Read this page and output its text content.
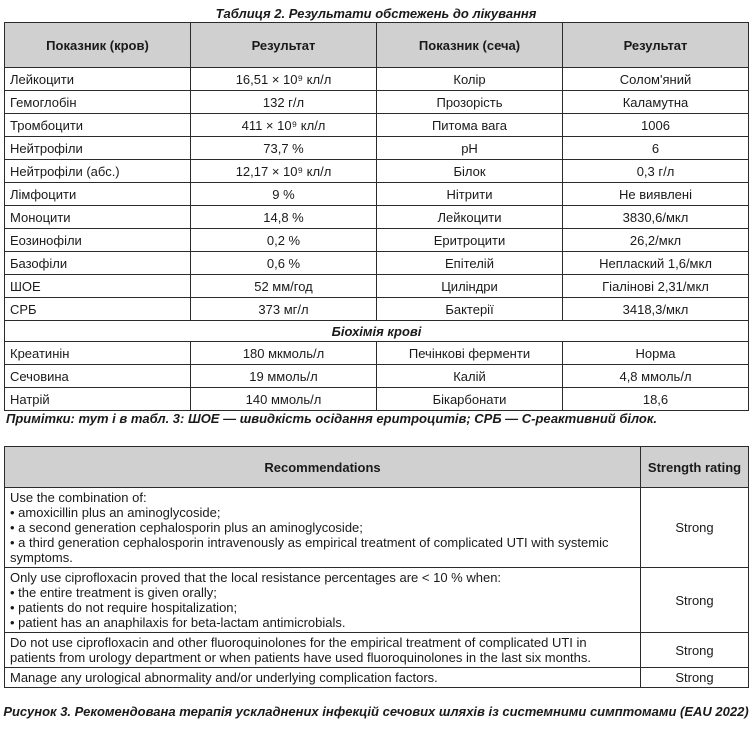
Таблиця 2. Результати обстежень до лікування
Показник (кров)	Результат	Показник (сеча)	Результат
Лейкоцити	16,51 × 10⁹ кл/л	Колір	Солом'яний
Гемоглобін	132 г/л	Прозорість	Каламутна
Тромбоцити	411 × 10⁹ кл/л	Питома вага	1006
Нейтрофіли	73,7 %	рН	6
Нейтрофіли (абс.)	12,17 × 10⁹ кл/л	Білок	0,3 г/л
Лімфоцити	9 %	Нітрити	Не виявлені
Моноцити	14,8 %	Лейкоцити	3830,6/мкл
Еозинофіли	0,2 %	Еритроцити	26,2/мкл
Базофіли	0,6 %	Епітелій	Неплаский 1,6/мкл
ШОЕ	52 мм/год	Циліндри	Гіалінові 2,31/мкл
СРБ	373 мг/л	Бактерії	3418,3/мкл
Біохімія крові			
Креатинін	180 мкмоль/л	Печінкові ферменти	Норма
Сечовина	19 ммоль/л	Калій	4,8 ммоль/л
Натрій	140 ммоль/л	Бікарбонати	18,6
Примітки: тут і в табл. 3: ШОЕ — швидкість осідання еритроцитів; СРБ — С-реактивний білок.
Recommendations	Strength rating

Use the combination of:
• amoxicillin plus an aminoglycoside;
• a second generation cephalosporin plus an aminoglycoside;
• a third generation cephalosporin intravenously as empirical treatment of complicated UTI with systemic symptoms.	Strong

Only use ciprofloxacin proved that the local resistance percentages are < 10 % when:
• the entire treatment is given orally;
• patients do not require hospitalization;
• patient has an anaphilaxis for beta-lactam antimicrobials.	Strong

Do not use ciprofloxacin and other fluoroquinolones for the empirical treatment of complicated UTI in patients from urology department or when patients have used fluoroquinolones in the last six months.	Strong

Manage any urological abnormality and/or underlying complication factors.	Strong
Рисунок 3. Рекомендована терапія ускладнених інфекцій сечових шляхів із системними симптомами (EAU 2022)
